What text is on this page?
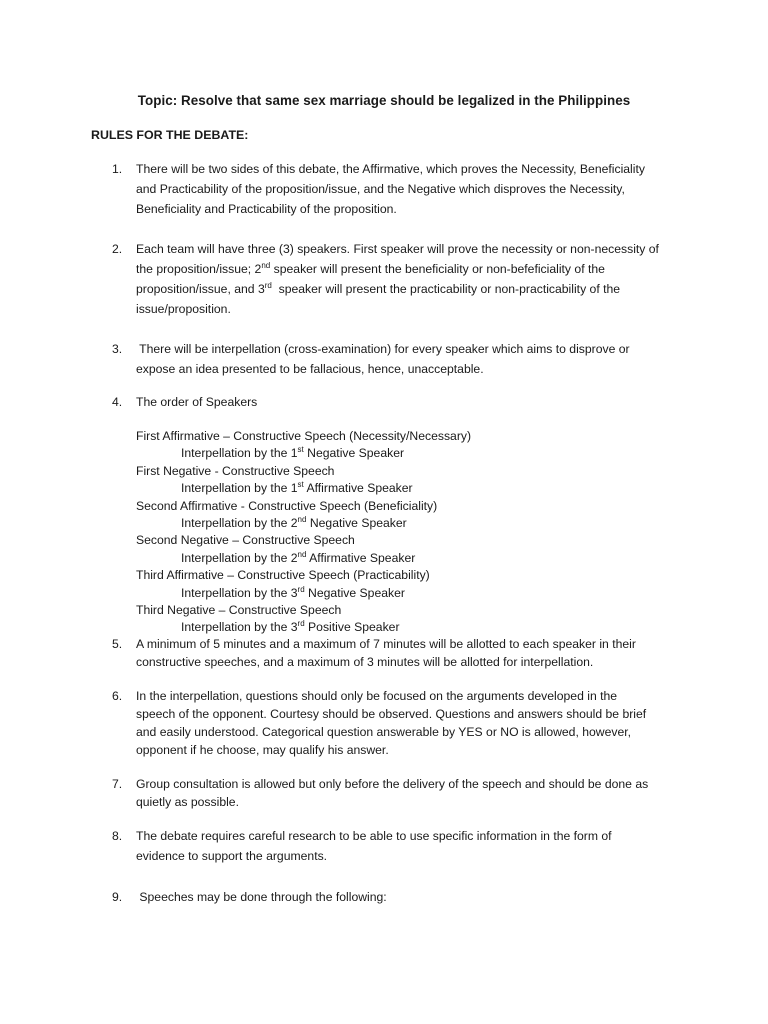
Topic: Resolve that same sex marriage should be legalized in the Philippines
RULES FOR THE DEBATE:
1.	There will be two sides of this debate, the Affirmative, which proves the Necessity, Beneficiality
and Practicability of the proposition/issue, and the Negative which disproves the Necessity,
Beneficiality and Practicability of the proposition.
2.	Each team will have three (3) speakers. First speaker will prove the necessity or non-necessity of
the proposition/issue; 2nd speaker will present the beneficiality or non-befeficiality of the
proposition/issue, and 3rd  speaker will present the practicability or non-practicability of the
issue/proposition.
3.	There will be interpellation (cross-examination) for every speaker which aims to disprove or
expose an idea presented to be fallacious, hence, unacceptable.
4.	The order of Speakers
First Affirmative – Constructive Speech (Necessity/Necessary)
Interpellation by the 1st Negative Speaker
First Negative - Constructive Speech
Interpellation by the 1st Affirmative Speaker
Second Affirmative - Constructive Speech (Beneficiality)
Interpellation by the 2nd Negative Speaker
Second Negative – Constructive Speech
Interpellation by the 2nd Affirmative Speaker
Third Affirmative – Constructive Speech (Practicability)
Interpellation by the 3rd Negative Speaker
Third Negative – Constructive Speech
Interpellation by the 3rd Positive Speaker
5.	A minimum of 5 minutes and a maximum of 7 minutes will be allotted to each speaker in their
constructive speeches, and a maximum of 3 minutes will be allotted for interpellation.
6.	In the interpellation, questions should only be focused on the arguments developed in the
speech of the opponent. Courtesy should be observed. Questions and answers should be brief
and easily understood. Categorical question answerable by YES or NO is allowed, however,
opponent if he choose, may qualify his answer.
7.	Group consultation is allowed but only before the delivery of the speech and should be done as
quietly as possible.
8.	The debate requires careful research to be able to use specific information in the form of
evidence to support the arguments.
9.	Speeches may be done through the following:
